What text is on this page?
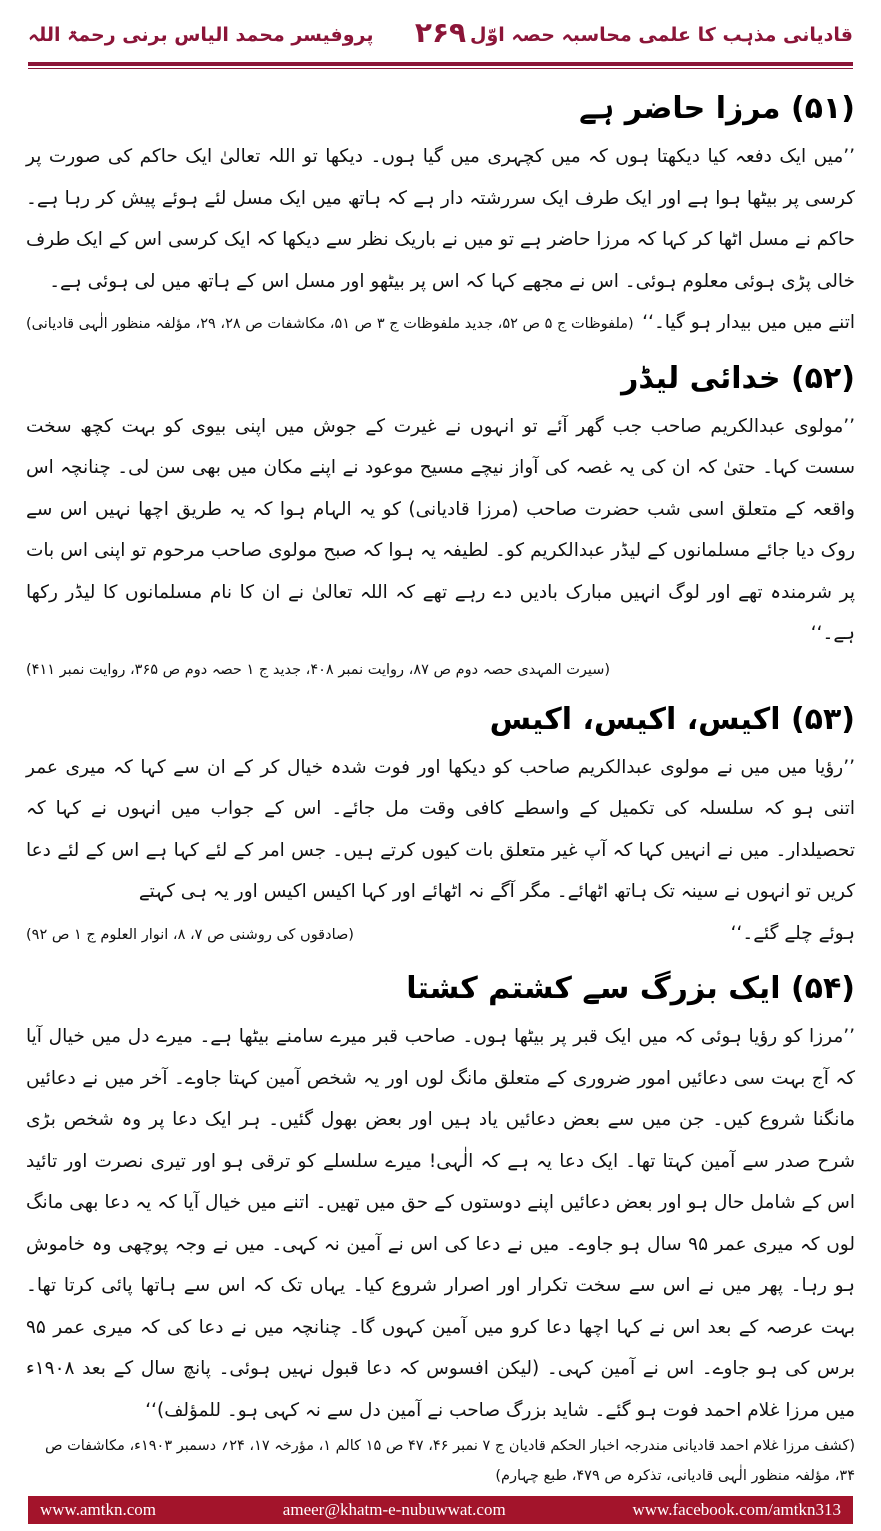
قادیانی مذہب کا علمی محاسبہ حصہ اوّل
۲۶۹
پروفیسر محمد الیاس برنی رحمۃ اللہ
(۵۱) مرزا حاضر ہے

’’میں ایک دفعہ کیا دیکھتا ہوں کہ میں کچہری میں گیا ہوں۔ دیکھا تو اللہ تعالیٰ ایک حاکم کی صورت پر کرسی پر بیٹھا ہوا ہے اور ایک طرف ایک سررشتہ دار ہے کہ ہاتھ میں ایک مسل لئے ہوئے پیش کر رہا ہے۔ حاکم نے مسل اٹھا کر کہا کہ مرزا حاضر ہے تو میں نے باریک نظر سے دیکھا کہ ایک کرسی اس کے ایک طرف خالی پڑی ہوئی معلوم ہوئی۔ اس نے مجھے کہا کہ اس پر بیٹھو اور مسل اس کے ہاتھ میں لی ہوئی ہے۔

اتنے میں میں بیدار ہو گیا۔‘‘
(ملفوظات ج ۵ ص ۵۲، جدید ملفوظات ج ۳ ص ۵۱، مکاشفات ص ۲۸، ۲۹، مؤلفہ منظور الٰہی قادیانی)
(۵۲) خدائی لیڈر

’’مولوی عبدالکریم صاحب جب گھر آئے تو انہوں نے غیرت کے جوش میں اپنی بیوی کو بہت کچھ سخت سست کہا۔ حتیٰ کہ ان کی یہ غصہ کی آواز نیچے مسیح موعود نے اپنے مکان میں بھی سن لی۔ چنانچہ اس واقعہ کے متعلق اسی شب حضرت صاحب (مرزا قادیانی) کو یہ الہام ہوا کہ یہ طریق اچھا نہیں اس سے روک دیا جائے مسلمانوں کے لیڈر عبدالکریم کو۔ لطیفہ یہ ہوا کہ صبح مولوی صاحب مرحوم تو اپنی اس بات پر شرمندہ تھے اور لوگ انہیں مبارک بادیں دے رہے تھے کہ اللہ تعالیٰ نے ان کا نام مسلمانوں کا لیڈر رکھا ہے۔‘‘

(سیرت المہدی حصہ دوم ص ۸۷، روایت نمبر ۴۰۸، جدید ج ۱ حصہ دوم ص ۳۶۵، روایت نمبر ۴۱۱)

(۵۳) اکیس، اکیس، اکیس

’’رؤیا میں میں نے مولوی عبدالکریم صاحب کو دیکھا اور فوت شدہ خیال کر کے ان سے کہا کہ میری عمر اتنی ہو کہ سلسلہ کی تکمیل کے واسطے کافی وقت مل جائے۔ اس کے جواب میں انہوں نے کہا کہ تحصیلدار۔ میں نے انہیں کہا کہ آپ غیر متعلق بات کیوں کرتے ہیں۔ جس امر کے لئے کہا ہے اس کے لئے دعا کریں تو انہوں نے سینہ تک ہاتھ اٹھائے۔ مگر آگے نہ اٹھائے اور کہا اکیس اکیس اور یہ ہی کہتے

ہوئے چلے گئے۔‘‘
(صادقوں کی روشنی ص ۷، ۸، انوار العلوم ج ۱ ص ۹۲)
(۵۴) ایک بزرگ سے کشتم کشتا

’’مرزا کو رؤیا ہوئی کہ میں ایک قبر پر بیٹھا ہوں۔ صاحب قبر میرے سامنے بیٹھا ہے۔ میرے دل میں خیال آیا کہ آج بہت سی دعائیں امور ضروری کے متعلق مانگ لوں اور یہ شخص آمین کہتا جاوے۔ آخر میں نے دعائیں مانگنا شروع کیں۔ جن میں سے بعض دعائیں یاد ہیں اور بعض بھول گئیں۔ ہر ایک دعا پر وہ شخص بڑی شرح صدر سے آمین کہتا تھا۔ ایک دعا یہ ہے کہ الٰہی! میرے سلسلے کو ترقی ہو اور تیری نصرت اور تائید اس کے شامل حال ہو اور بعض دعائیں اپنے دوستوں کے حق میں تھیں۔ اتنے میں خیال آیا کہ یہ دعا بھی مانگ لوں کہ میری عمر ۹۵ سال ہو جاوے۔ میں نے دعا کی اس نے آمین نہ کہی۔ میں نے وجہ پوچھی وہ خاموش ہو رہا۔ پھر میں نے اس سے سخت تکرار اور اصرار شروع کیا۔ یہاں تک کہ اس سے ہاتھا پائی کرتا تھا۔ بہت عرصہ کے بعد اس نے کہا اچھا دعا کرو میں آمین کہوں گا۔ چنانچہ میں نے دعا کی کہ میری عمر ۹۵ برس کی ہو جاوے۔ اس نے آمین کہی۔ (لیکن افسوس کہ دعا قبول نہیں ہوئی۔ پانچ سال کے بعد ۱۹۰۸ء میں مرزا غلام احمد فوت ہو گئے۔ شاید بزرگ صاحب نے آمین دل سے نہ کہی ہو۔ للمؤلف)‘‘

(کشف مرزا غلام احمد قادیانی مندرجہ اخبار الحکم قادیان ج ۷ نمبر ۴۶، ۴۷ ص ۱۵ کالم ۱، مؤرخہ ۱۷، ۲۴؍ دسمبر ۱۹۰۳ء، مکاشفات ص ۳۴، مؤلفہ منظور الٰہی قادیانی، تذکرہ ص ۴۷۹، طبع چہارم)

www.amtkn.com	ameer@khatm-e-nubuwwat.com	www.facebook.com/amtkn313
